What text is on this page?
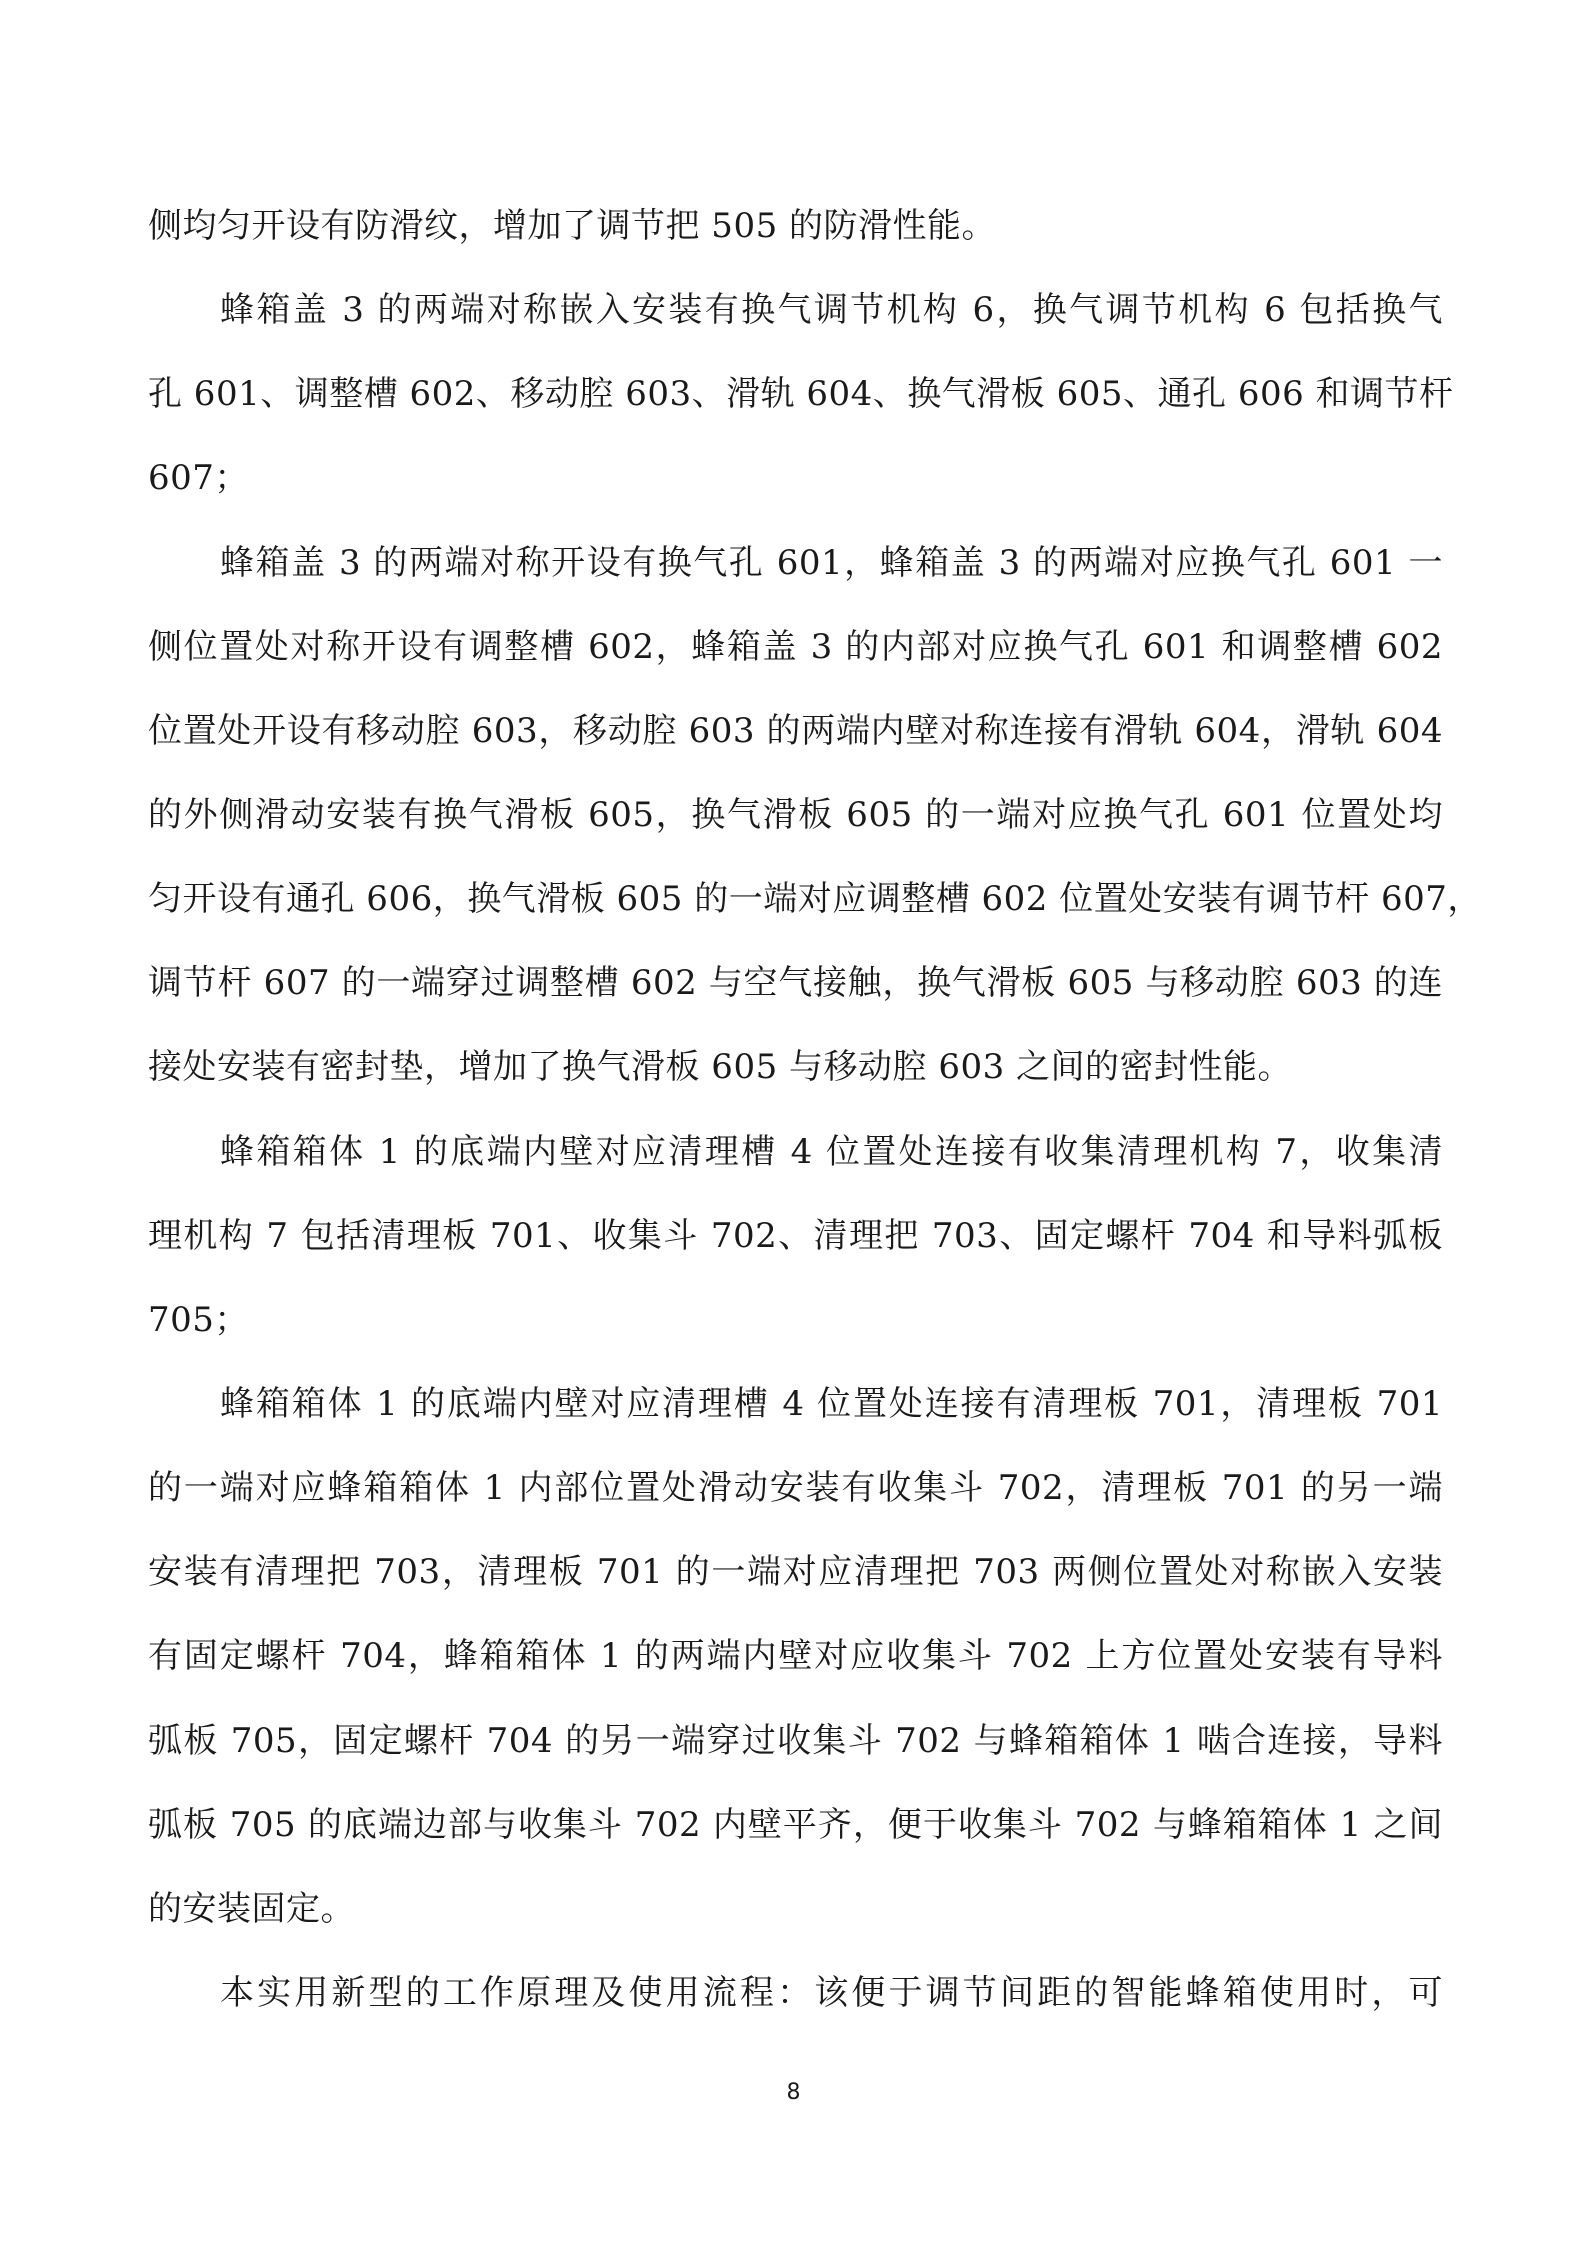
侧均匀开设有防滑纹，增加了调节把 505 的防滑性能。
蜂箱盖 3 的两端对称嵌入安装有换气调节机构 6，换气调节机构 6 包括换气
孔 601、调整槽 602、移动腔 603、滑轨 604、换气滑板 605、通孔 606 和调节杆
607；
蜂箱盖 3 的两端对称开设有换气孔 601，蜂箱盖 3 的两端对应换气孔 601 一
侧位置处对称开设有调整槽 602，蜂箱盖 3 的内部对应换气孔 601 和调整槽 602
位置处开设有移动腔 603，移动腔 603 的两端内壁对称连接有滑轨 604，滑轨 604
的外侧滑动安装有换气滑板 605，换气滑板 605 的一端对应换气孔 601 位置处均
匀开设有通孔 606，换气滑板 605 的一端对应调整槽 602 位置处安装有调节杆 607，
调节杆 607 的一端穿过调整槽 602 与空气接触，换气滑板 605 与移动腔 603 的连
接处安装有密封垫，增加了换气滑板 605 与移动腔 603 之间的密封性能。
蜂箱箱体 1 的底端内壁对应清理槽 4 位置处连接有收集清理机构 7，收集清
理机构 7 包括清理板 701、收集斗 702、清理把 703、固定螺杆 704 和导料弧板
705；
蜂箱箱体 1 的底端内壁对应清理槽 4 位置处连接有清理板 701，清理板 701
的一端对应蜂箱箱体 1 内部位置处滑动安装有收集斗 702，清理板 701 的另一端
安装有清理把 703，清理板 701 的一端对应清理把 703 两侧位置处对称嵌入安装
有固定螺杆 704，蜂箱箱体 1 的两端内壁对应收集斗 702 上方位置处安装有导料
弧板 705，固定螺杆 704 的另一端穿过收集斗 702 与蜂箱箱体 1 啮合连接，导料
弧板 705 的底端边部与收集斗 702 内壁平齐，便于收集斗 702 与蜂箱箱体 1 之间
的安装固定。
本实用新型的工作原理及使用流程：该便于调节间距的智能蜂箱使用时，可
8
